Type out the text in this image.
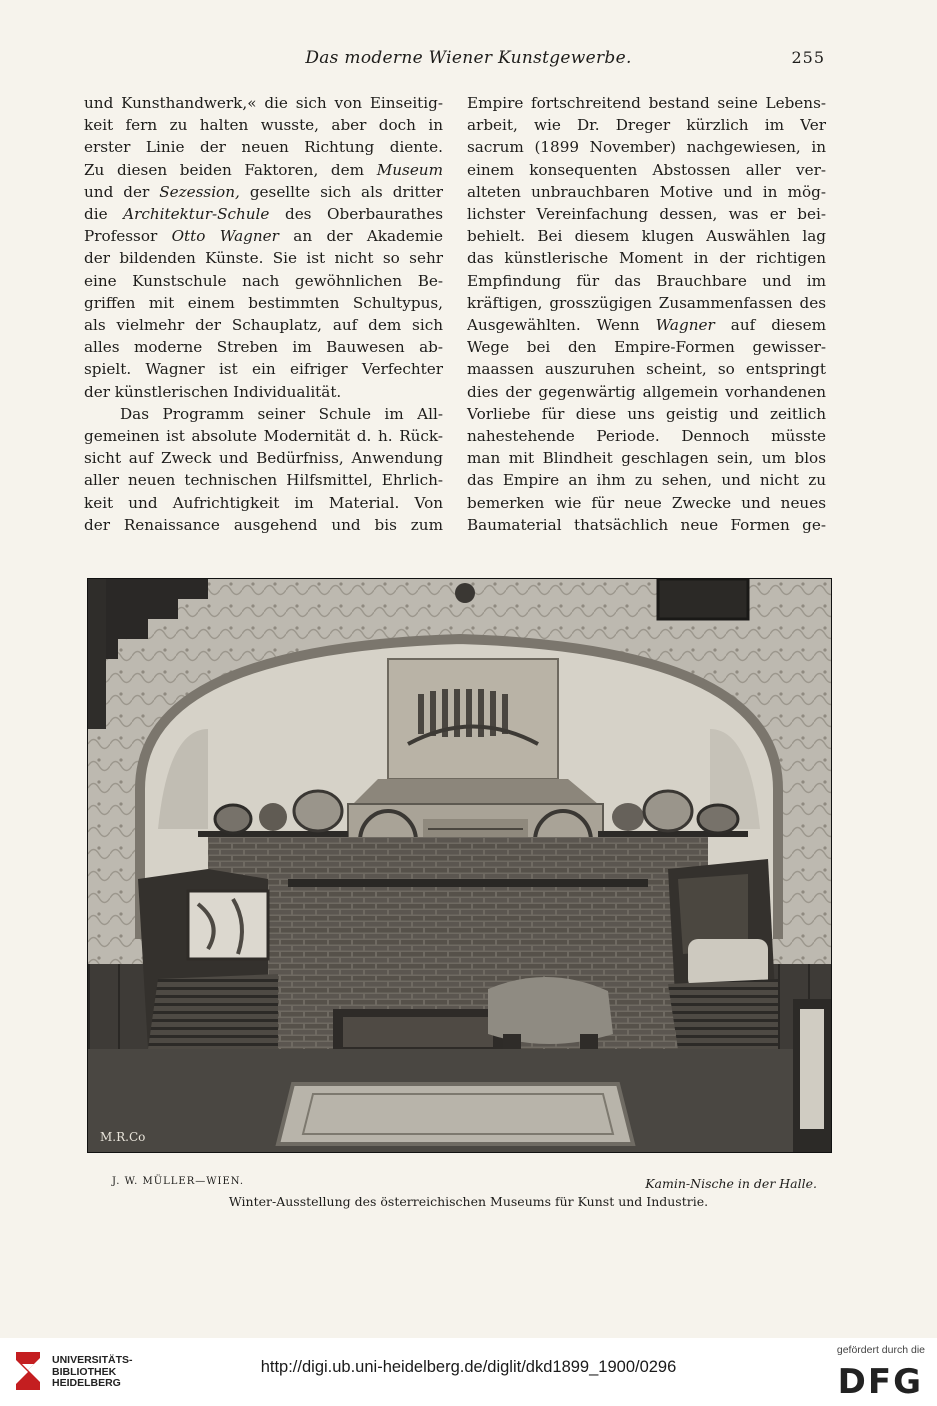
Das moderne Wiener Kunstgewerbe.	255
und Kunsthandwerk,« die sich von Einseitig-
keit fern zu halten wusste, aber doch in
erster Linie der neuen Richtung diente.
Zu diesen beiden Faktoren, dem Museum
und der Sezession, gesellte sich als dritter
die Architektur-Schule des Oberbaurathes
Professor Otto Wagner an der Akademie
der bildenden Künste. Sie ist nicht so sehr
eine Kunstschule nach gewöhnlichen Be-
griffen mit einem bestimmten Schultypus,
als vielmehr der Schauplatz, auf dem sich
alles moderne Streben im Bauwesen ab-
spielt. Wagner ist ein eifriger Verfechter
der künstlerischen Individualität.
Das Programm seiner Schule im All-
gemeinen ist absolute Modernität d. h. Rück-
sicht auf Zweck und Bedürfniss, Anwendung
aller neuen technischen Hilfsmittel, Ehrlich-
keit und Aufrichtigkeit im Material. Von
der Renaissance ausgehend und bis zum
Empire fortschreitend bestand seine Lebens-
arbeit, wie Dr. Dreger kürzlich im Ver
sacrum (1899 November) nachgewiesen, in
einem konsequenten Abstossen aller ver-
alteten unbrauchbaren Motive und in mög-
lichster Vereinfachung dessen, was er bei-
behielt. Bei diesem klugen Auswählen lag
das künstlerische Moment in der richtigen
Empfindung für das Brauchbare und im
kräftigen, grosszügigen Zusammenfassen des
Ausgewählten. Wenn Wagner auf diesem
Wege bei den Empire-Formen gewisser-
maassen auszuruhen scheint, so entspringt
dies der gegenwärtig allgemein vorhandenen
Vorliebe für diese uns geistig und zeitlich
nahestehende Periode. Dennoch müsste
man mit Blindheit geschlagen sein, um blos
das Empire an ihm zu sehen, und nicht zu
bemerken wie für neue Zwecke und neues
Baumaterial thatsächlich neue Formen ge-
M.R.Co
J. W. MÜLLER—WIEN.	Kamin-Nische in der Halle.
Winter-Ausstellung des österreichischen Museums für Kunst und Industrie.
UNIVERSITÄTS-
BIBLIOTHEK
HEIDELBERG
http://digi.ub.uni-heidelberg.de/diglit/dkd1899_1900/0296
gefördert durch die
DFG
